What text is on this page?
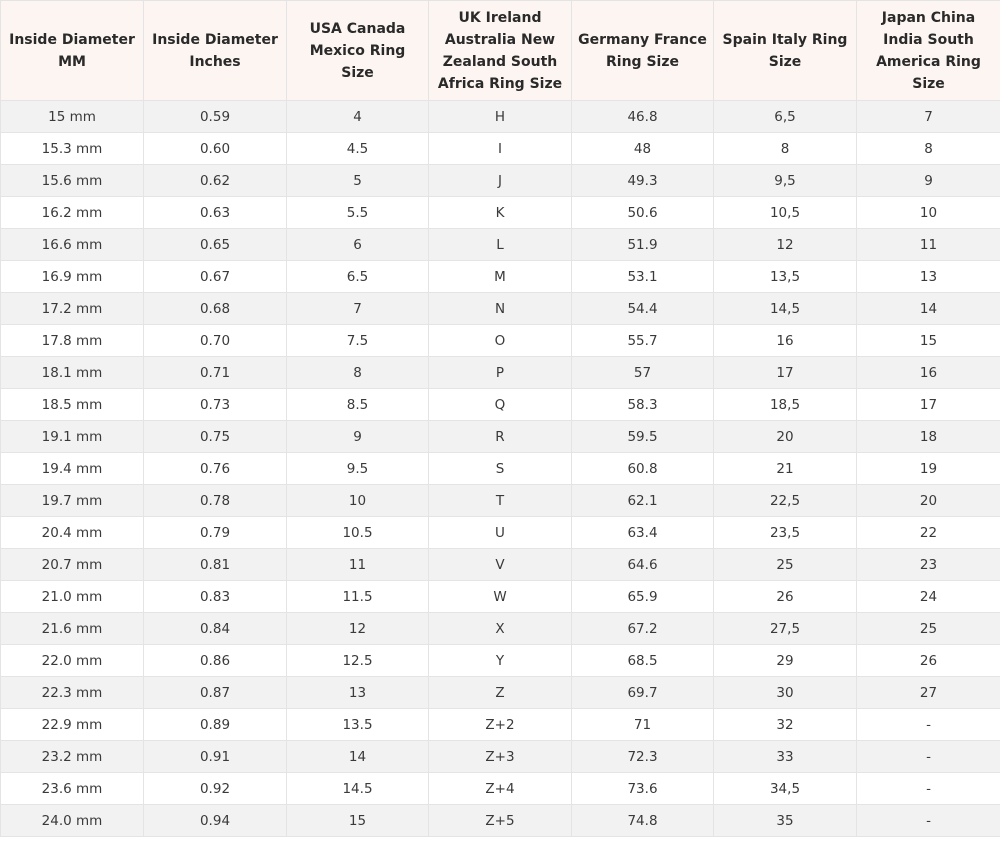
Inside Diameter MM	Inside Diameter Inches	USA Canada Mexico Ring Size	UK Ireland Australia New Zealand South Africa Ring Size	Germany France Ring Size	Spain Italy Ring Size	Japan China India South America Ring Size
15 mm	0.59	4	H	46.8	6,5	7
15.3 mm	0.60	4.5	I	48	8	8
15.6 mm	0.62	5	J	49.3	9,5	9
16.2 mm	0.63	5.5	K	50.6	10,5	10
16.6 mm	0.65	6	L	51.9	12	11
16.9 mm	0.67	6.5	M	53.1	13,5	13
17.2 mm	0.68	7	N	54.4	14,5	14
17.8 mm	0.70	7.5	O	55.7	16	15
18.1 mm	0.71	8	P	57	17	16
18.5 mm	0.73	8.5	Q	58.3	18,5	17
19.1 mm	0.75	9	R	59.5	20	18
19.4 mm	0.76	9.5	S	60.8	21	19
19.7 mm	0.78	10	T	62.1	22,5	20
20.4 mm	0.79	10.5	U	63.4	23,5	22
20.7 mm	0.81	11	V	64.6	25	23
21.0 mm	0.83	11.5	W	65.9	26	24
21.6 mm	0.84	12	X	67.2	27,5	25
22.0 mm	0.86	12.5	Y	68.5	29	26
22.3 mm	0.87	13	Z	69.7	30	27
22.9 mm	0.89	13.5	Z+2	71	32	-
23.2 mm	0.91	14	Z+3	72.3	33	-
23.6 mm	0.92	14.5	Z+4	73.6	34,5	-
24.0 mm	0.94	15	Z+5	74.8	35	-
